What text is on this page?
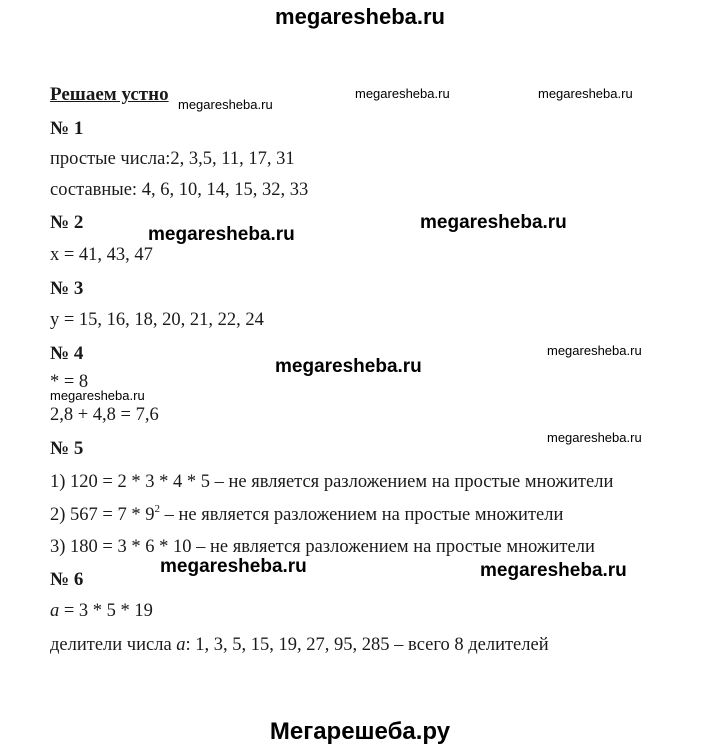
megaresheba.ru
Решаем устно megaresheba.ru
megaresheba.ru	megaresheba.ru
№ 1
простые числа:2, 3,5, 11, 17, 31
составные: 4, 6, 10, 14, 15, 32, 33
№ 2
megaresheba.ru
megaresheba.ru
x = 41, 43, 47
№ 3
y = 15, 16, 18, 20, 21, 22, 24
№ 4	megaresheba.ru
megaresheba.ru
* = 8
megaresheba.ru
2,8 + 4,8 = 7,6
№ 5
megaresheba.ru
1) 120 = 2 * 3 * 4 * 5 – не является разложением на простые множители
2) $567 = 7 * 9^2$ – не является разложением на простые множители
3) 180 = 3 * 6 * 10 – не является разложением на простые множители
№ 6
megaresheba.ru	megaresheba.ru
a = 3 * 5 * 19
делители числа a: 1, 3, 5, 15, 19, 27, 95, 285 – всего 8 делителей
Мегарешеба.ру
